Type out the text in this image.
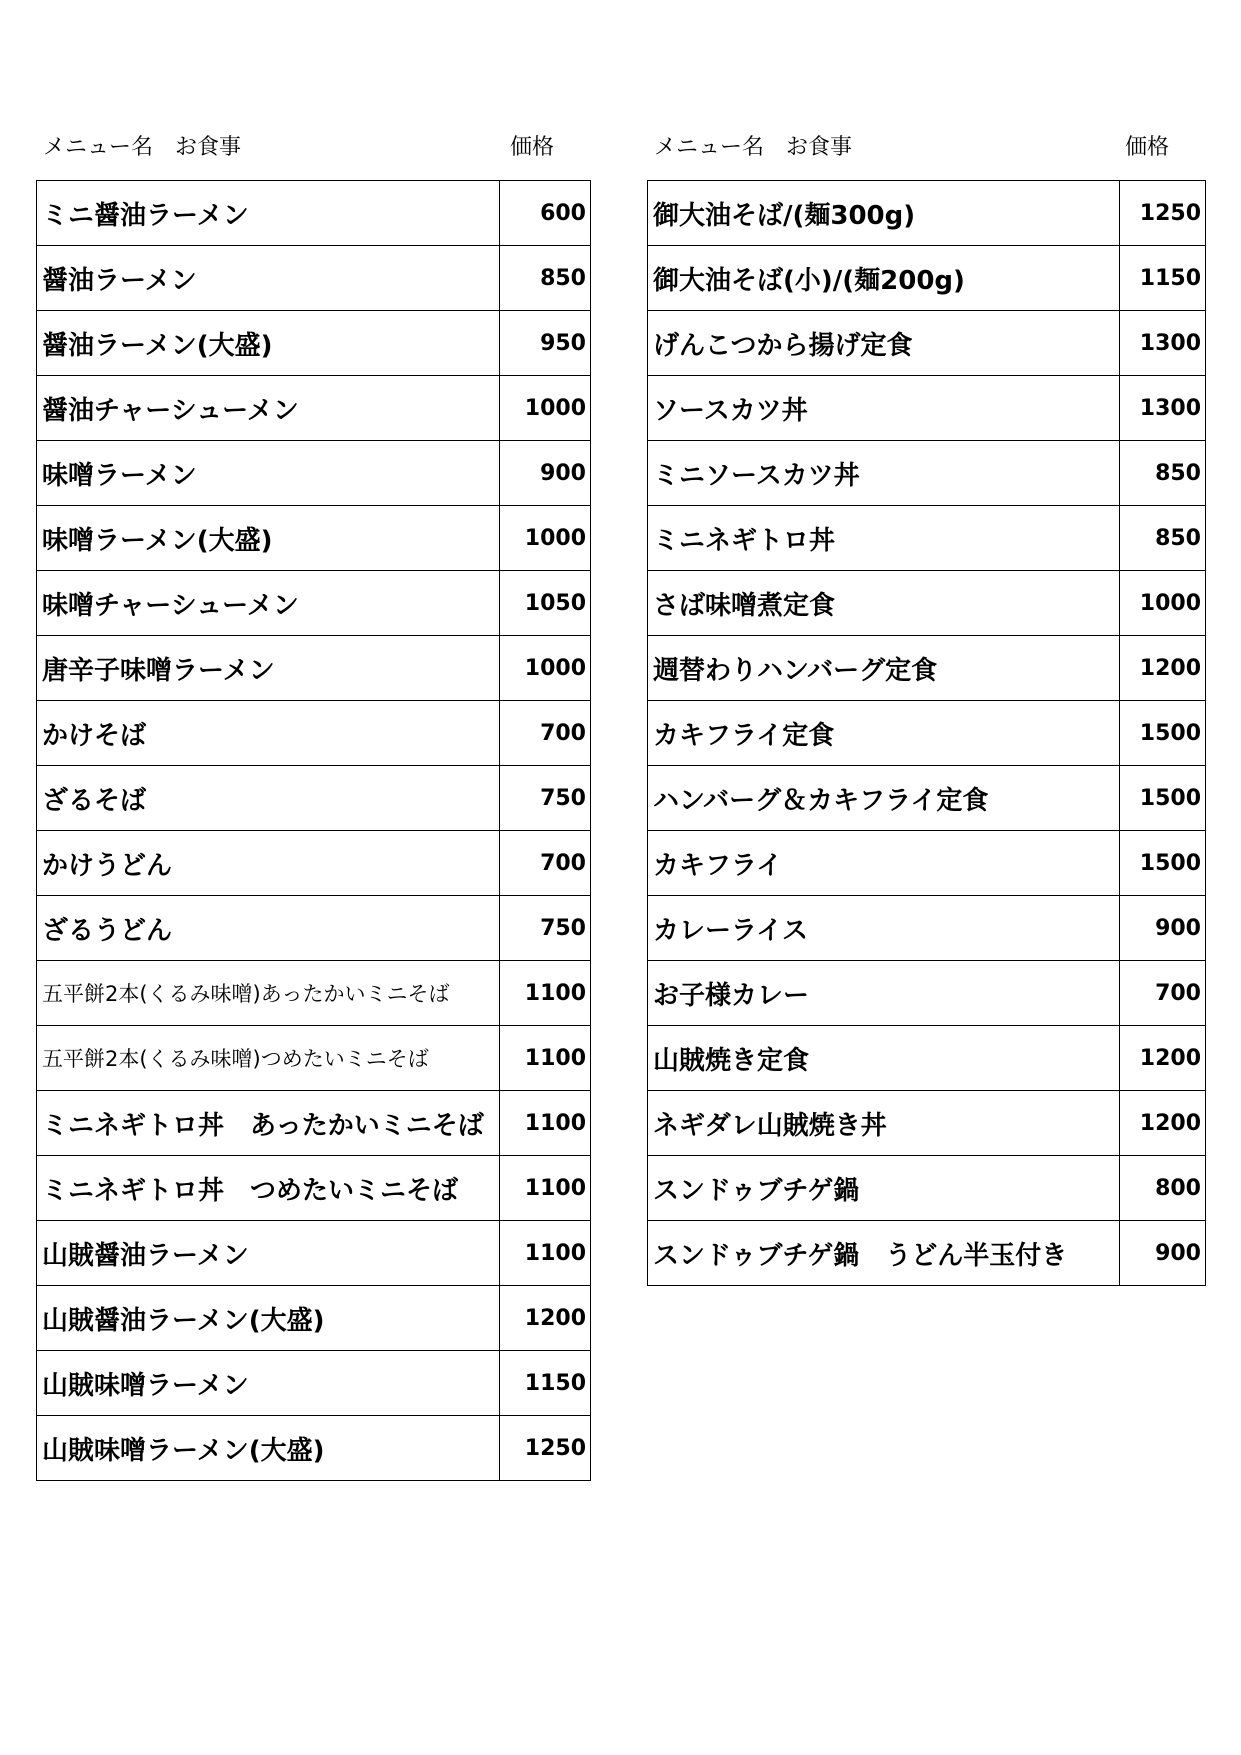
メニュー名　お食事	価格
ミニ醤油ラーメン	600
醤油ラーメン	850
醤油ラーメン(大盛)	950
醤油チャーシューメン	1000
味噌ラーメン	900
味噌ラーメン(大盛)	1000
味噌チャーシューメン	1050
唐辛子味噌ラーメン	1000
かけそば	700
ざるそば	750
かけうどん	700
ざるうどん	750
五平餅2本(くるみ味噌)あったかいミニそば	1100
五平餅2本(くるみ味噌)つめたいミニそば	1100
ミニネギトロ丼　あったかいミニそば	1100
ミニネギトロ丼　つめたいミニそば	1100
山賊醤油ラーメン	1100
山賊醤油ラーメン(大盛)	1200
山賊味噌ラーメン	1150
山賊味噌ラーメン(大盛)	1250
メニュー名　お食事	価格
御大油そば/(麺300g)	1250
御大油そば(小)/(麺200g)	1150
げんこつから揚げ定食	1300
ソースカツ丼	1300
ミニソースカツ丼	850
ミニネギトロ丼	850
さば味噌煮定食	1000
週替わりハンバーグ定食	1200
カキフライ定食	1500
ハンバーグ＆カキフライ定食	1500
カキフライ	1500
カレーライス	900
お子様カレー	700
山賊焼き定食	1200
ネギダレ山賊焼き丼	1200
スンドゥブチゲ鍋	800
スンドゥブチゲ鍋　うどん半玉付き	900
